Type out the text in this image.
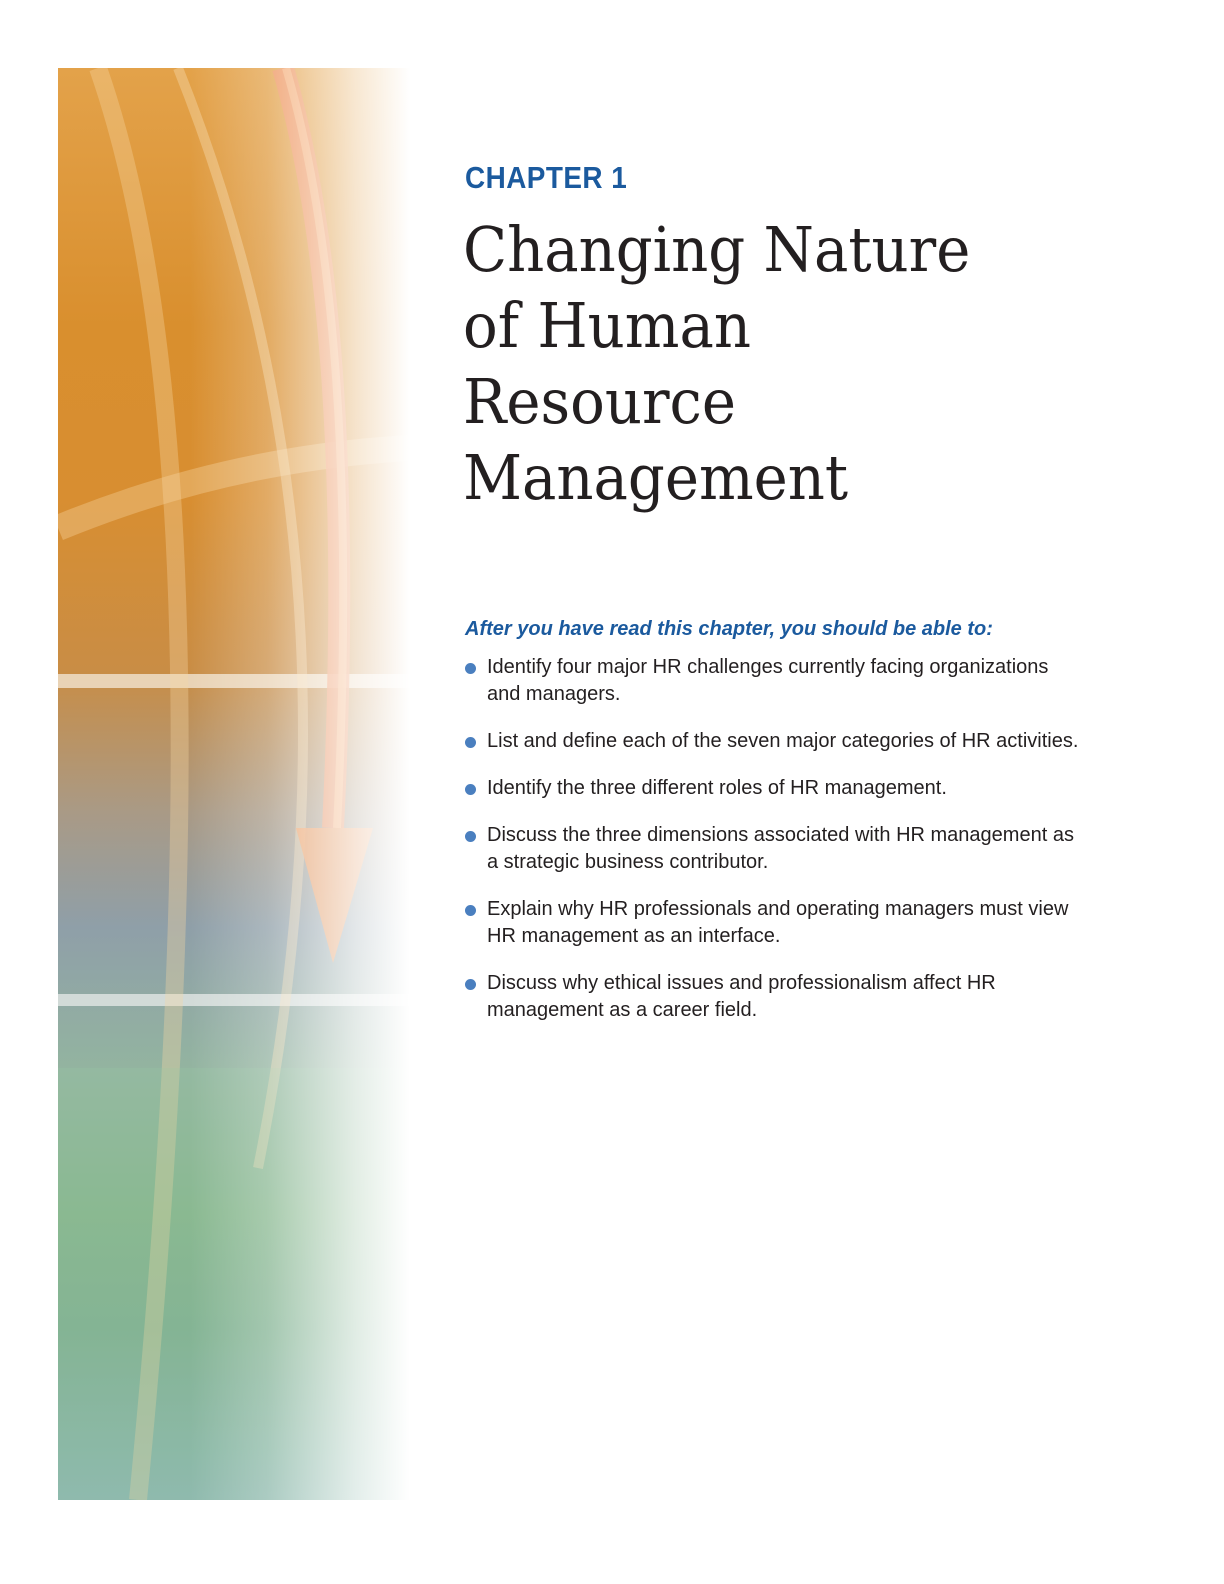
CHAPTER 1
Changing Nature
of Human
Resource
Management
After you have read this chapter, you should be able to:
Identify four major HR challenges currently facing organizations and managers.
List and define each of the seven major categories of HR activities.
Identify the three different roles of HR management.
Discuss the three dimensions associated with HR management as a strategic business contributor.
Explain why HR professionals and operating managers must view HR management as an interface.
Discuss why ethical issues and professionalism affect HR management as a career field.
